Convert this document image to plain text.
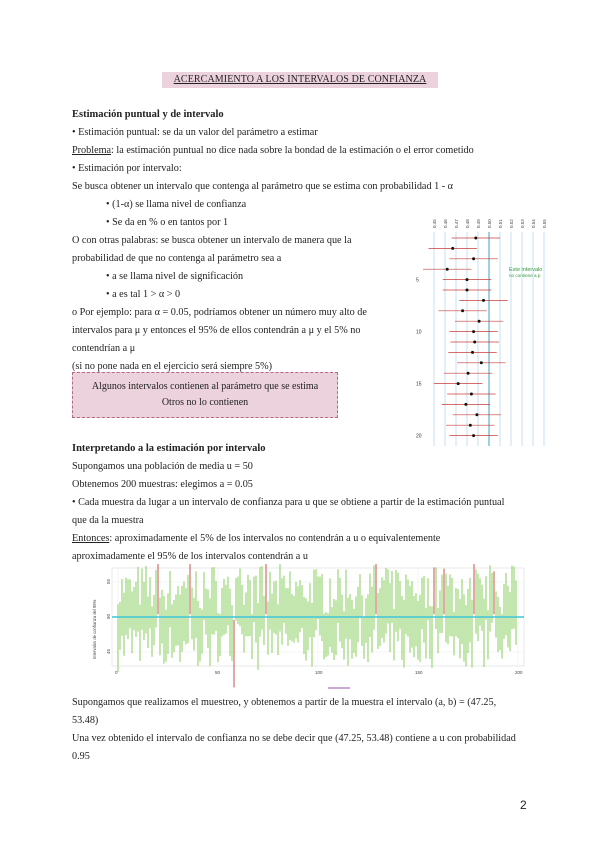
ACERCAMIENTO A LOS INTERVALOS DE CONFIANZA
Estimación puntual y de intervalo
• Estimación puntual: se da un valor del parámetro a estimar
Problema: la estimación puntual no dice nada sobre la bondad de la estimación o el error cometido
• Estimación por intervalo:
Se busca obtener un intervalo que contenga al parámetro que se estima con probabilidad 1 - α
• (1-α) se llama nivel de confianza
• Se da en % o en tantos por 1
O con otras palabras: se busca obtener un intervalo de manera que la
probabilidad de que no contenga al parámetro sea a
• a se llama nivel de significación
• a es tal 1 > α > 0
o Por ejemplo: para α = 0.05, podríamos obtener un número muy alto de
intervalos para μ y entonces el 95% de ellos contendrán a μ y el 5% no
contendrían a μ
(si no pone nada en el ejercicio será siempre 5%)
Algunos intervalos contienen al parámetro que se estima
Otros no lo contienen
0.45 0.46 0.47 0.48 0.49 0.50 0.51 0.52 0.53 0.54 0.55
5
10
15
20
Este intervalo
no contiene a p
Interpretando a la estimación por intervalo
Supongamos una población de media u = 50
Obtenemos 200 muestras: elegimos a = 0.05
• Cada muestra da lugar a un intervalo de confianza para u que se obtiene a partir de la estimación puntual
que da la muestra
Entonces: aproximadamente el 5% de los intervalos no contendrán a u o equivalentemente
aproximadamente el 95% de los intervalos contendrán a u
0	50	100	150	200
55
50
45
Intervalos de confianza del 95%
Supongamos que realizamos el muestreo, y obtenemos a partir de la muestra el intervalo (a, b) = (47.25,
53.48)
Una vez obtenido el intervalo de confianza no se debe decir que (47.25, 53.48) contiene a u con probabilidad
0.95
2
